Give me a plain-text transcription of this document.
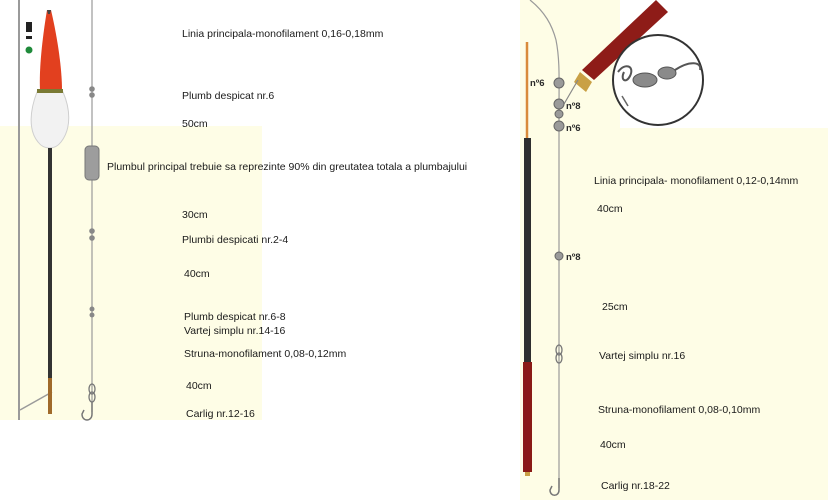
nº6
nº8
nº6
nº8
Linia principala-monofilament 0,16-0,18mm
Plumb despicat nr.6
50cm
Plumbul principal trebuie sa reprezinte 90% din greutatea totala a plumbajului
30cm
Plumbi despicati nr.2-4
40cm
Plumb despicat nr.6-8
Vartej simplu nr.14-16
Struna-monofilament 0,08-0,12mm
40cm
Carlig nr.12-16
Linia principala- monofilament 0,12-0,14mm
40cm
25cm
Vartej simplu nr.16
Struna-monofilament 0,08-0,10mm
40cm
Carlig nr.18-22
